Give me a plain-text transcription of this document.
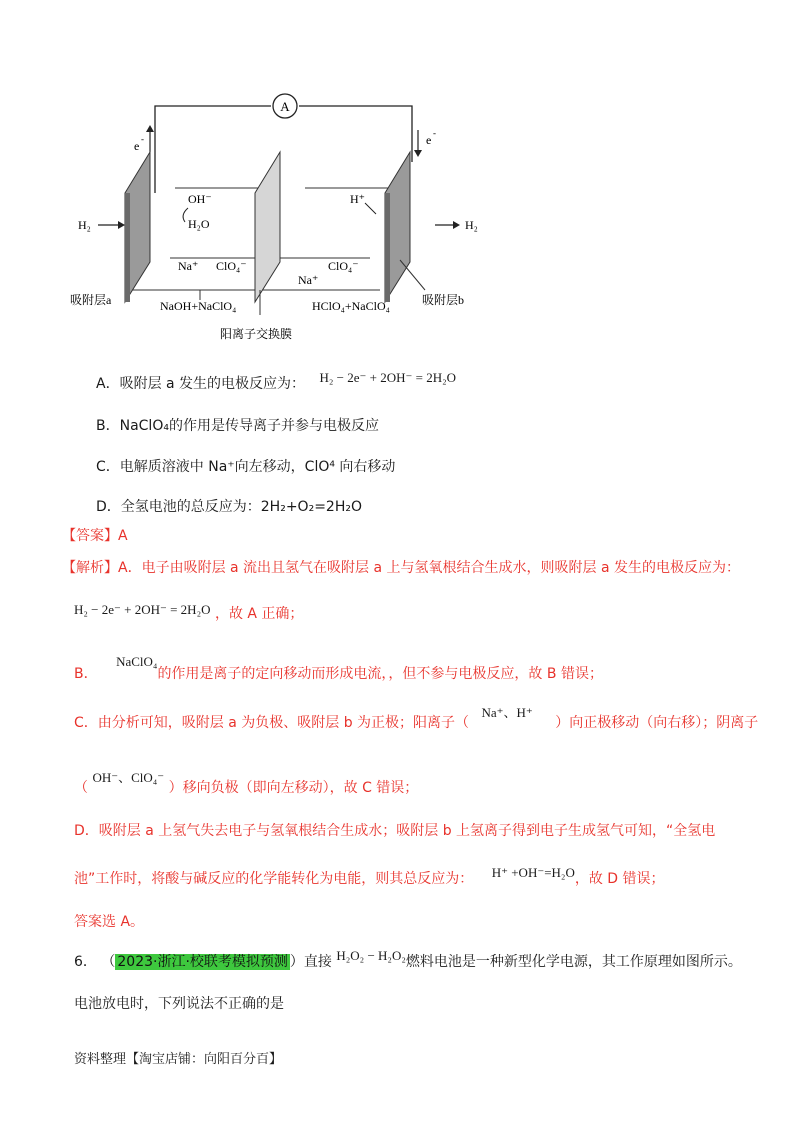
A
e -	e -
H₂	H₂
OH⁻
H₂O
H⁺
Na⁺ ClO₄⁻
Na⁺
ClO₄⁻
NaOH+NaClO₄	HClO₄+NaClO₄
吸附层a	吸附层b
阳离子交换膜
A．吸附层 a 发生的电极反应为： H₂ − 2e⁻ + 2OH⁻ = 2H₂O
B．NaClO₄的作用是传导离子并参与电极反应
C．电解质溶液中 Na⁺向左移动，ClO⁴ 向右移动
D．全氢电池的总反应为：2H₂+O₂=2H₂O
【答案】A
【解析】A．电子由吸附层 a 流出且氢气在吸附层 a 上与氢氧根结合生成水，则吸附层 a 发生的电极反应为：
H₂ − 2e⁻ + 2OH⁻ = 2H₂O ，故 A 正确；
B． NaClO₄的作用是离子的定向移动而形成电流，，但不参与电极反应，故 B 错误；
C．由分析可知，吸附层 a 为负极、吸附层 b 为正极；阳离子（ Na⁺、H⁺ ）向正极移动（向右移）；阴离子
（ OH⁻、ClO₄⁻ ）移向负极（即向左移动），故 C 错误；
D．吸附层 a 上氢气失去电子与氢氧根结合生成水；吸附层 b 上氢离子得到电子生成氢气可知，“全氢电
池”工作时，将酸与碱反应的化学能转化为电能，则其总反应为： H⁺ +OH⁻=H₂O，故 D 错误；
答案选 A。
6． （ 2023·浙江·校联考模拟预测 ）直接 H₂O₂ − H₂O₂燃料电池是一种新型化学电源，其工作原理如图所示。
电池放电时，下列说法不正确的是
资料整理【淘宝店铺：向阳百分百】
